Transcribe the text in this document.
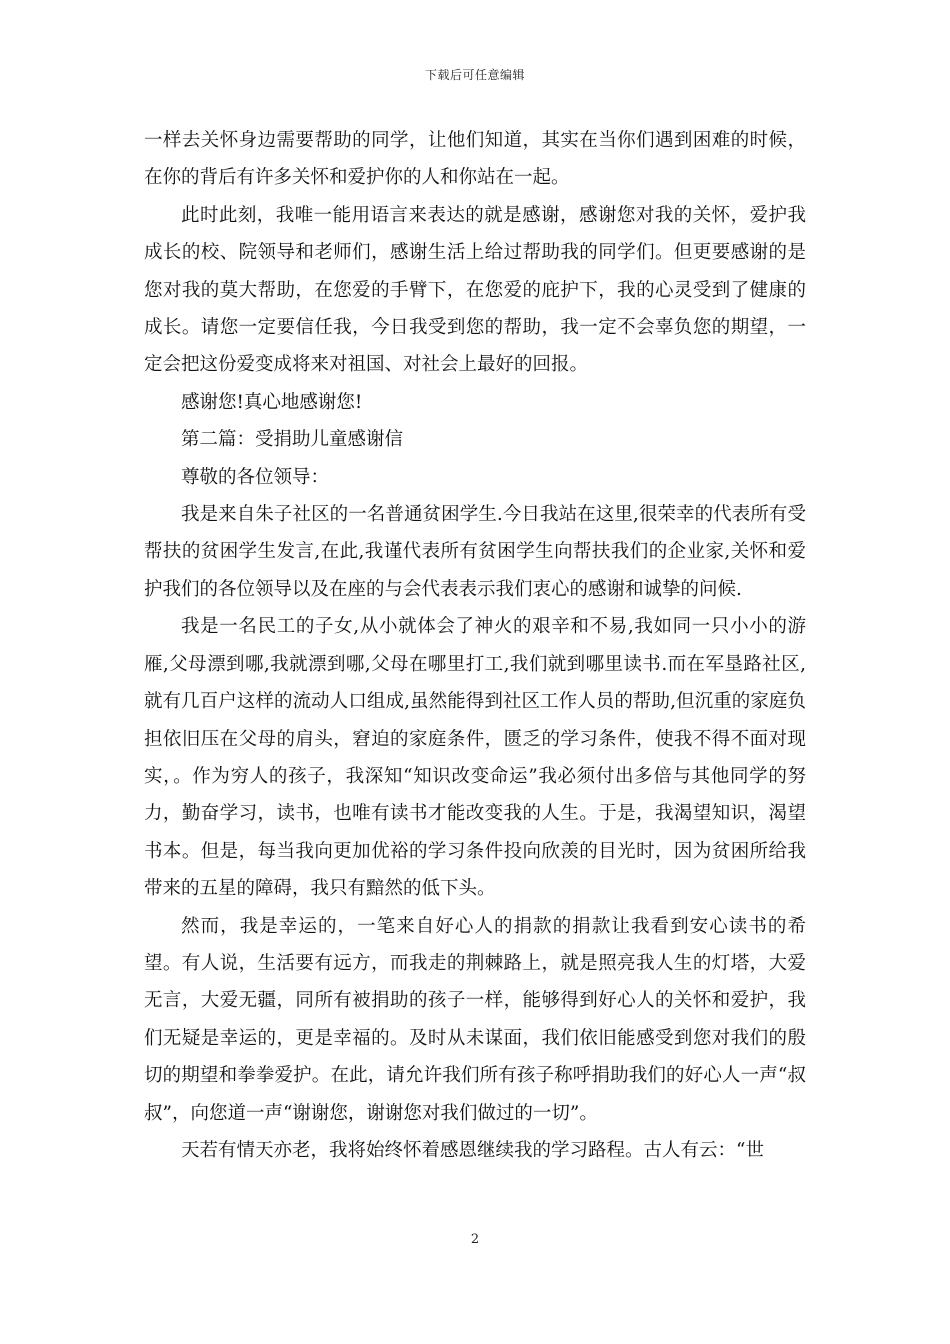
下载后可任意编辑

一样去关怀身边需要帮助的同学，让他们知道，其实在当你们遇到困难的时候，在你的背后有许多关怀和爱护你的人和你站在一起。

此时此刻，我唯一能用语言来表达的就是感谢，感谢您对我的关怀，爱护我成长的校、院领导和老师们，感谢生活上给过帮助我的同学们。但更要感谢的是您对我的莫大帮助，在您爱的手臂下，在您爱的庇护下，我的心灵受到了健康的成长。请您一定要信任我，今日我受到您的帮助，我一定不会辜负您的期望，一定会把这份爱变成将来对祖国、对社会上最好的回报。

感谢您!真心地感谢您!

第二篇：受捐助儿童感谢信

尊敬的各位领导：

我是来自朱子社区的一名普通贫困学生.今日我站在这里,很荣幸的代表所有受帮扶的贫困学生发言,在此,我谨代表所有贫困学生向帮扶我们的企业家,关怀和爱护我们的各位领导以及在座的与会代表表示我们衷心的感谢和诚挚的问候.

我是一名民工的子女,从小就体会了神火的艰辛和不易,我如同一只小小的游雁,父母漂到哪,我就漂到哪,父母在哪里打工,我们就到哪里读书.而在军垦路社区,就有几百户这样的流动人口组成,虽然能得到社区工作人员的帮助,但沉重的家庭负担依旧压在父母的肩头，窘迫的家庭条件，匮乏的学习条件，使我不得不面对现实，。作为穷人的孩子，我深知“知识改变命运”我必须付出多倍与其他同学的努力，勤奋学习，读书，也唯有读书才能改变我的人生。于是，我渴望知识，渴望书本。但是，每当我向更加优裕的学习条件投向欣羡的目光时，因为贫困所给我带来的五星的障碍，我只有黯然的低下头。

然而，我是幸运的，一笔来自好心人的捐款的捐款让我看到安心读书的希望。有人说，生活要有远方，而我走的荆棘路上，就是照亮我人生的灯塔，大爱无言，大爱无疆，同所有被捐助的孩子一样，能够得到好心人的关怀和爱护，我们无疑是幸运的，更是幸福的。及时从未谋面，我们依旧能感受到您对我们的殷切的期望和拳拳爱护。在此，请允许我们所有孩子称呼捐助我们的好心人一声“叔叔”，向您道一声“谢谢您，谢谢您对我们做过的一切”。

天若有情天亦老，我将始终怀着感恩继续我的学习路程。古人有云：“世

2
